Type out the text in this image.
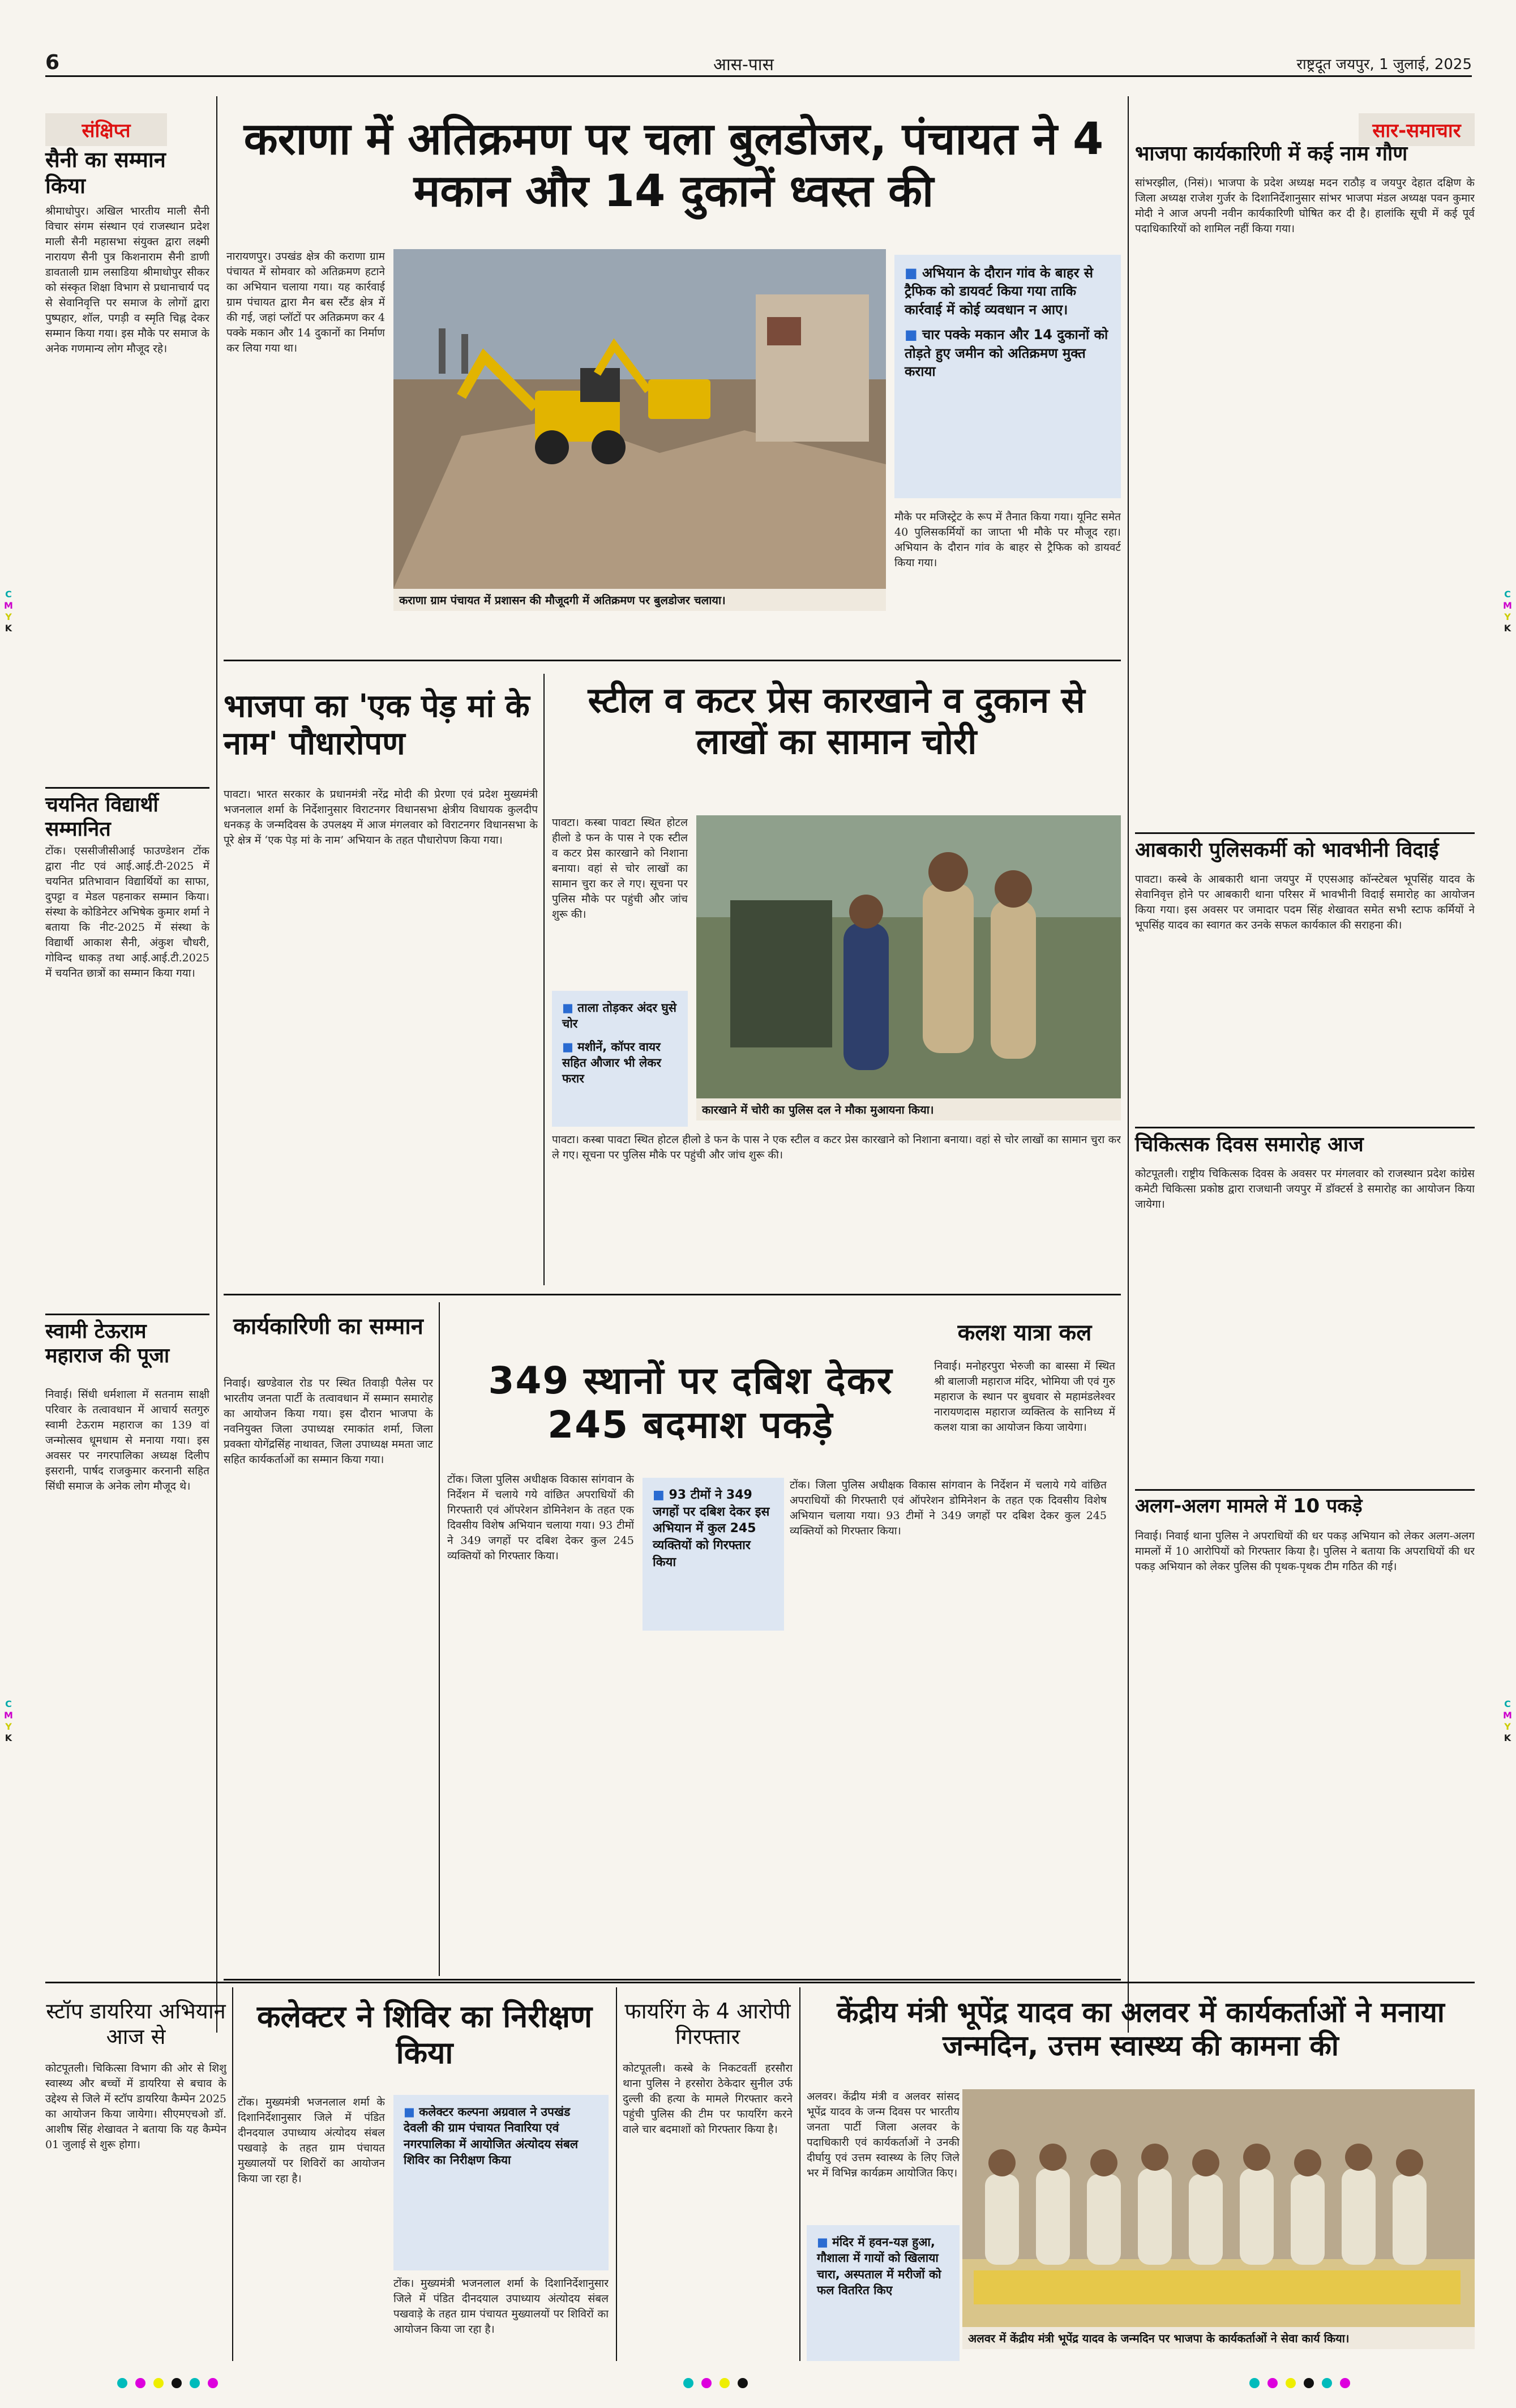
6	आस-पास	राष्ट्रदूत जयपुर, 1 जुलाई, 2025
C
M
Y
K
C
M
Y
K
C
M
Y
K
C
M
Y
K
संक्षिप्त
सैनी का सम्मान किया
श्रीमाधोपुर। अखिल भारतीय माली सैनी विचार संगम संस्थान एवं राजस्थान प्रदेश माली सैनी महासभा संयुक्त द्वारा लक्ष्मी नारायण सैनी पुत्र किशनाराम सैनी डाणी डावताली ग्राम लसाडिया श्रीमाधोपुर सीकर को संस्कृत शिक्षा विभाग से प्रधानाचार्य पद से सेवानिवृत्ति पर समाज के लोगों द्वारा पुष्पहार, शॉल, पगड़ी व स्मृति चिह्न देकर सम्मान किया गया। इस मौके पर समाज के अनेक गणमान्य लोग मौजूद रहे।
चयनित विद्यार्थी सम्मानित
टोंक। एससीजीसीआई फाउण्डेशन टोंक द्वारा नीट एवं आई.आई.टी-2025 में चयनित प्रतिभावान विद्यार्थियों का साफा, दुपट्टा व मेडल पहनाकर सम्मान किया। संस्था के कोडिनेटर अभिषेक कुमार शर्मा ने बताया कि नीट-2025 में संस्था के विद्यार्थी आकाश सैनी, अंकुश चौधरी, गोविन्द धाकड़ तथा आई.आई.टी.2025 में चयनित छात्रों का सम्मान किया गया।
स्वामी टेऊराम महाराज की पूजा
निवाई। सिंधी धर्मशाला में सतनाम साक्षी परिवार के तत्वावधान में आचार्य सतगुरु स्वामी टेऊराम महाराज का 139 वां जन्मोत्सव धूमधाम से मनाया गया। इस अवसर पर नगरपालिका अध्यक्ष दिलीप इसरानी, पार्षद राजकुमार करनानी सहित सिंधी समाज के अनेक लोग मौजूद थे।
कराणा में अतिक्रमण पर चला बुलडोजर, पंचायत ने 4 मकान और 14 दुकानें ध्वस्त की
नारायणपुर। उपखंड क्षेत्र की कराणा ग्राम पंचायत में सोमवार को अतिक्रमण हटाने का अभियान चलाया गया। यह कार्रवाई ग्राम पंचायत द्वारा मैन बस स्टैंड क्षेत्र में की गई, जहां प्लॉटों पर अतिक्रमण कर 4 पक्के मकान और 14 दुकानों का निर्माण कर लिया गया था।
कराणा ग्राम पंचायत में प्रशासन की मौजूदगी में अतिक्रमण पर बुलडोजर चलाया।
■ अभियान के दौरान गांव के बाहर से ट्रैफिक को डायवर्ट किया गया ताकि कार्रवाई में कोई व्यवधान न आए।
■ चार पक्के मकान और 14 दुकानों को तोड़ते हुए जमीन को अतिक्रमण मुक्त कराया
मौके पर मजिस्ट्रेट के रूप में तैनात किया गया। यूनिट समेत 40 पुलिसकर्मियों का जाप्ता भी मौके पर मौजूद रहा। अभियान के दौरान गांव के बाहर से ट्रैफिक को डायवर्ट किया गया।
भाजपा का 'एक पेड़ मां के नाम' पौधारोपण
पावटा। भारत सरकार के प्रधानमंत्री नरेंद्र मोदी की प्रेरणा एवं प्रदेश मुख्यमंत्री भजनलाल शर्मा के निर्देशानुसार विराटनगर विधानसभा क्षेत्रीय विधायक कुलदीप धनकड़ के जन्मदिवस के उपलक्ष्य में आज मंगलवार को विराटनगर विधानसभा के पूरे क्षेत्र में ‘एक पेड़ मां के नाम’ अभियान के तहत पौधारोपण किया गया।
स्टील व कटर प्रेस कारखाने व दुकान से लाखों का सामान चोरी
पावटा। कस्बा पावटा स्थित होटल हीलो डे फन के पास ने एक स्टील व कटर प्रेस कारखाने को निशाना बनाया। वहां से चोर लाखों का सामान चुरा कर ले गए। सूचना पर पुलिस मौके पर पहुंची और जांच शुरू की।
■ ताला तोड़कर अंदर घुसे चोर
■ मशीनें, कॉपर वायर सहित औजार भी लेकर फरार
कारखाने में चोरी का पुलिस दल ने मौका मुआयना किया।
पावटा। कस्बा पावटा स्थित होटल हीलो डे फन के पास ने एक स्टील व कटर प्रेस कारखाने को निशाना बनाया। वहां से चोर लाखों का सामान चुरा कर ले गए। सूचना पर पुलिस मौके पर पहुंची और जांच शुरू की।
कार्यकारिणी का सम्मान
निवाई। खण्डेवाल रोड पर स्थित तिवाड़ी पैलेस पर भारतीय जनता पार्टी के तत्वावधान में सम्मान समारोह का आयोजन किया गया। इस दौरान भाजपा के नवनियुक्त जिला उपाध्यक्ष रमाकांत शर्मा, जिला प्रवक्ता योगेंद्रसिंह नाथावत, जिला उपाध्यक्ष ममता जाट सहित कार्यकर्ताओं का सम्मान किया गया।
349 स्थानों पर दबिश देकर 245 बदमाश पकड़े
टोंक। जिला पुलिस अधीक्षक विकास सांगवान के निर्देशन में चलाये गये वांछित अपराधियों की गिरफ्तारी एवं ऑपरेशन डोमिनेशन के तहत एक दिवसीय विशेष अभियान चलाया गया। 93 टीमों ने 349 जगहों पर दबिश देकर कुल 245 व्यक्तियों को गिरफ्तार किया।
■ 93 टीमों ने 349 जगहों पर दबिश देकर इस अभियान में कुल 245 व्यक्तियों को गिरफ्तार किया
टोंक। जिला पुलिस अधीक्षक विकास सांगवान के निर्देशन में चलाये गये वांछित अपराधियों की गिरफ्तारी एवं ऑपरेशन डोमिनेशन के तहत एक दिवसीय विशेष अभियान चलाया गया। 93 टीमों ने 349 जगहों पर दबिश देकर कुल 245 व्यक्तियों को गिरफ्तार किया।
कलश यात्रा कल
निवाई। मनोहरपुरा भेरुजी का बास्सा में स्थित श्री बालाजी महाराज मंदिर, भोमिया जी एवं गुरु महाराज के स्थान पर बुधवार से महामंडलेश्वर नारायणदास महाराज व्यक्तित्व के सानिध्य में कलश यात्रा का आयोजन किया जायेगा।
सार-समाचार
भाजपा कार्यकारिणी में कई नाम गौण
सांभरझील, (निसं)। भाजपा के प्रदेश अध्यक्ष मदन राठौड़ व जयपुर देहात दक्षिण के जिला अध्यक्ष राजेश गुर्जर के दिशानिर्देशानुसार सांभर भाजपा मंडल अध्यक्ष पवन कुमार मोदी ने आज अपनी नवीन कार्यकारिणी घोषित कर दी है। हालांकि सूची में कई पूर्व पदाधिकारियों को शामिल नहीं किया गया।
आबकारी पुलिसकर्मी को भावभीनी विदाई
पावटा। कस्बे के आबकारी थाना जयपुर में एएसआइ कॉन्स्टेबल भूपसिंह यादव के सेवानिवृत्त होने पर आबकारी थाना परिसर में भावभीनी विदाई समारोह का आयोजन किया गया। इस अवसर पर जमादार पदम सिंह शेखावत समेत सभी स्टाफ कर्मियों ने भूपसिंह यादव का स्वागत कर उनके सफल कार्यकाल की सराहना की।
चिकित्सक दिवस समारोह आज
कोटपूतली। राष्ट्रीय चिकित्सक दिवस के अवसर पर मंगलवार को राजस्थान प्रदेश कांग्रेस कमेटी चिकित्सा प्रकोष्ठ द्वारा राजधानी जयपुर में डॉक्टर्स डे समारोह का आयोजन किया जायेगा।
अलग-अलग मामले में 10 पकड़े
निवाई। निवाई थाना पुलिस ने अपराधियों की धर पकड़ अभियान को लेकर अलग-अलग मामलों में 10 आरोपियों को गिरफ्तार किया है। पुलिस ने बताया कि अपराधियों की धर पकड़ अभियान को लेकर पुलिस की पृथक-पृथक टीम गठित की गई।
स्टॉप डायरिया अभियान आज से
कोटपूतली। चिकित्सा विभाग की ओर से शिशु स्वास्थ्य और बच्चों में डायरिया से बचाव के उद्देश्य से जिले में स्टॉप डायरिया कैम्पेन 2025 का आयोजन किया जायेगा। सीएमएचओ डॉ. आशीष सिंह शेखावत ने बताया कि यह कैम्पेन 01 जुलाई से शुरू होगा।
कलेक्टर ने शिविर का निरीक्षण किया
टोंक। मुख्यमंत्री भजनलाल शर्मा के दिशानिर्देशानुसार जिले में पंडित दीनदयाल उपाध्याय अंत्योदय संबल पखवाड़े के तहत ग्राम पंचायत मुख्यालयों पर शिविरों का आयोजन किया जा रहा है।
■ कलेक्टर कल्पना अग्रवाल ने उपखंड देवली की ग्राम पंचायत निवारिया एवं नगरपालिका में आयोजित अंत्योदय संबल शिविर का निरीक्षण किया
टोंक। मुख्यमंत्री भजनलाल शर्मा के दिशानिर्देशानुसार जिले में पंडित दीनदयाल उपाध्याय अंत्योदय संबल पखवाड़े के तहत ग्राम पंचायत मुख्यालयों पर शिविरों का आयोजन किया जा रहा है।
फायरिंग के 4 आरोपी गिरफ्तार
कोटपूतली। कस्बे के निकटवर्ती हरसौरा थाना पुलिस ने हरसोरा ठेकेदार सुनील उर्फ दुल्ली की हत्या के मामले गिरफ्तार करने पहुंची पुलिस की टीम पर फायरिंग करने वाले चार बदमाशों को गिरफ्तार किया है।
केंद्रीय मंत्री भूपेंद्र यादव का अलवर में कार्यकर्ताओं ने मनाया जन्मदिन, उत्तम स्वास्थ्य की कामना की
अलवर। केंद्रीय मंत्री व अलवर सांसद भूपेंद्र यादव के जन्म दिवस पर भारतीय जनता पार्टी जिला अलवर के पदाधिकारी एवं कार्यकर्ताओं ने उनकी दीर्घायु एवं उत्तम स्वास्थ्य के लिए जिले भर में विभिन्न कार्यक्रम आयोजित किए।
अलवर में केंद्रीय मंत्री भूपेंद्र यादव के जन्मदिन पर भाजपा के कार्यकर्ताओं ने सेवा कार्य किया।
■ मंदिर में हवन-यज्ञ हुआ, गौशाला में गायों को खिलाया चारा, अस्पताल में मरीजों को फल वितरित किए
